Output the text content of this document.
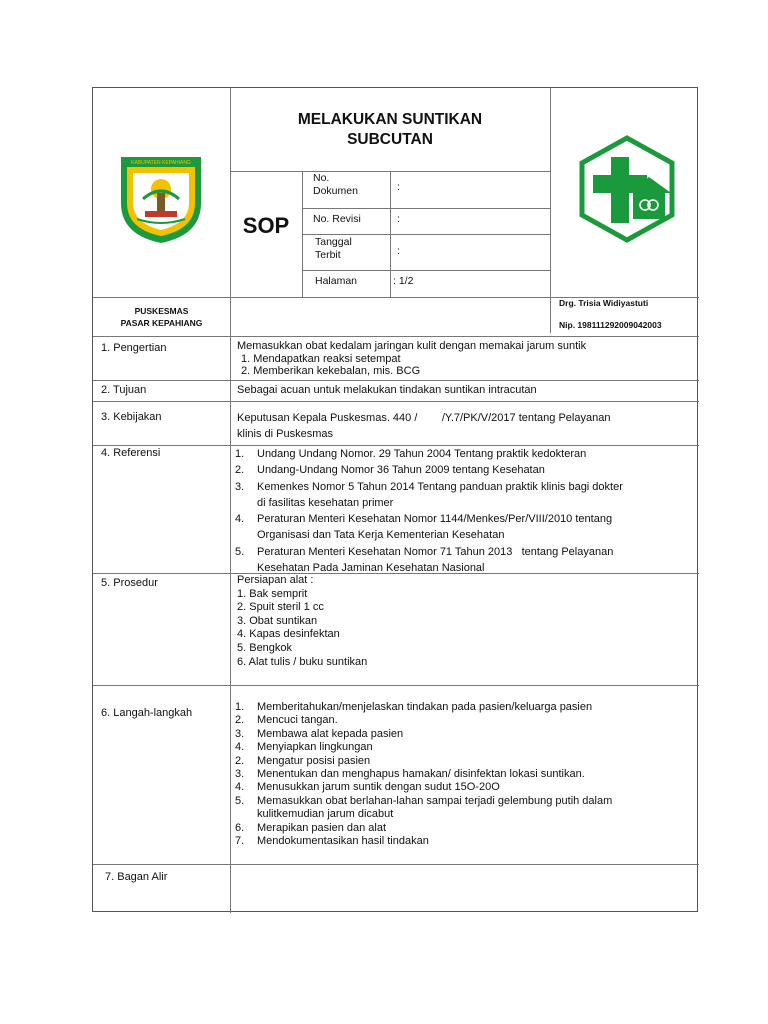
KABUPATEN KEPAHIANG
MELAKUKAN SUNTIKAN
SUBCUTAN
SOP
No.
Dokumen	:
No. Revisi	:
Tanggal
Terbit	:
Halaman	: 1/2
PUSKESMAS
PASAR KEPAHIANG
Drg. Trisia Widiyastuti
Nip. 198111292009042003
1. Pengertian	Memasukkan obat kedalam jaringan kulit dengan memakai jarum suntik
1. Mendapatkan reaksi setempat
2. Memberikan kekebalan, mis. BCG
2. Tujuan	Sebagai acuan untuk melakukan tindakan suntikan intracutan
3. Kebijakan	Keputusan Kepala Puskesmas. 440 /        /Y.7/PK/V/2017 tentang Pelayanan
klinis di Puskesmas
4. Referensi	1.	Undang Undang Nomor. 29 Tahun 2004 Tentang praktik kedokteran
2.	Undang-Undang Nomor 36 Tahun 2009 tentang Kesehatan
3.	Kemenkes Nomor 5 Tahun 2014 Tentang panduan praktik klinis bagi dokter
di fasilitas kesehatan primer
4.	Peraturan Menteri Kesehatan Nomor 1144/Menkes/Per/VIII/2010 tentang
Organisasi dan Tata Kerja Kementerian Kesehatan
5.	Peraturan Menteri Kesehatan Nomor 71 Tahun 2013   tentang Pelayanan
Kesehatan Pada Jaminan Kesehatan Nasional
5. Prosedur	Persiapan alat :
1. Bak semprit
2. Spuit steril 1 cc
3. Obat suntikan
4. Kapas desinfektan
5. Bengkok
6. Alat tulis / buku suntikan
6. Langah-langkah	1.	Memberitahukan/menjelaskan tindakan pada pasien/keluarga pasien
2.	Mencuci tangan.
3.	Membawa alat kepada pasien
4.	Menyiapkan lingkungan
2.	Mengatur posisi pasien
3.	Menentukan dan menghapus hamakan/ disinfektan lokasi suntikan.
4.	Menusukkan jarum suntik dengan sudut 15O-20O
5.	Memasukkan obat berlahan-lahan sampai terjadi gelembung putih dalam
kulitkemudian jarum dicabut
6.	Merapikan pasien dan alat
7.	Mendokumentasikan hasil tindakan
7. Bagan Alir
